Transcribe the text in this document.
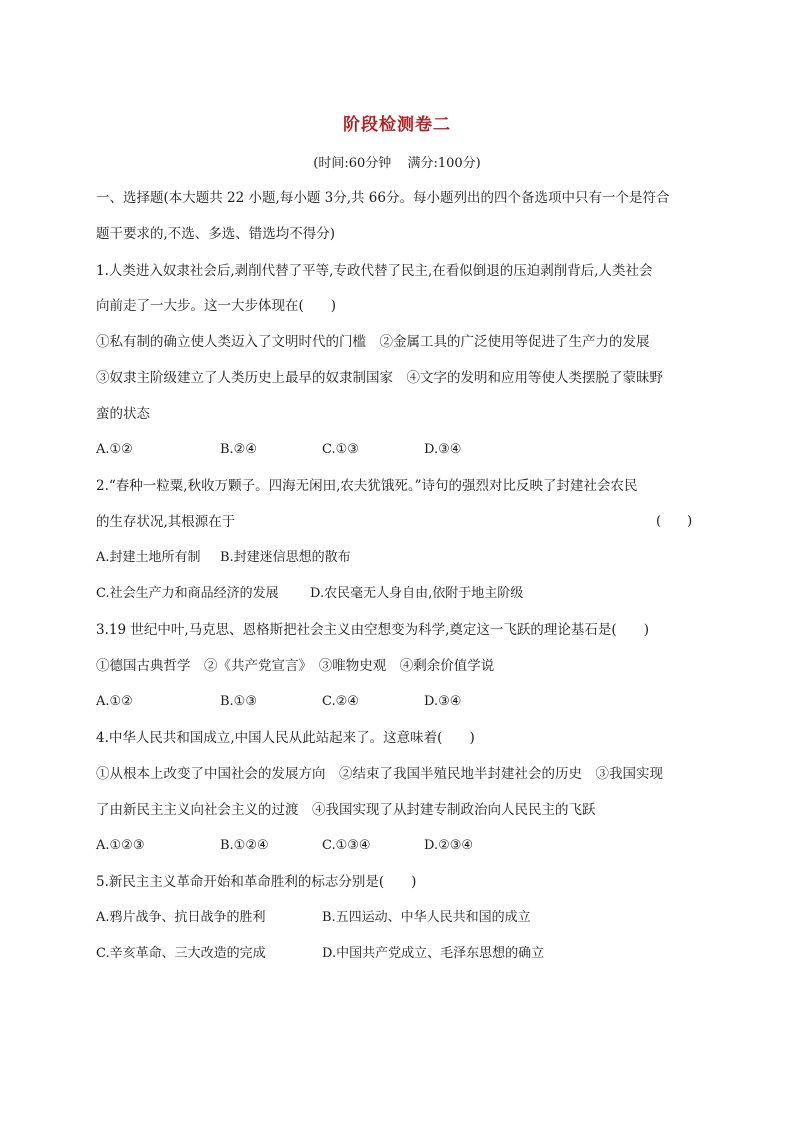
阶段检测卷二
(时间:60分钟 满分:100分)
一、选择题(本大题共 22 小题,每小题 3分,共 66分。每小题列出的四个备选项中只有一个是符合
题干要求的,不选、多选、错选均不得分)
1.人类进入奴隶社会后,剥削代替了平等,专政代替了民主,在看似倒退的压迫剥削背后,人类社会
向前走了一大步。这一大步体现在(　　)
①私有制的确立使人类迈入了文明时代的门槛　②金属工具的广泛使用等促进了生产力的发展
③奴隶主阶级建立了人类历史上最早的奴隶制国家　④文字的发明和应用等使人类摆脱了蒙昧野
蛮的状态
A.①②	B.②④	C.①③	D.③④
2.“春种一粒粟,秋收万颗子。四海无闲田,农夫犹饿死。”诗句的强烈对比反映了封建社会农民
的生存状况,其根源在于	(　　)
A.封建土地所有制 B.封建迷信思想的散布
C.社会生产力和商品经济的发展 D.农民毫无人身自由,依附于地主阶级
3.19 世纪中叶,马克思、恩格斯把社会主义由空想变为科学,奠定这一飞跃的理论基石是(　　)
①德国古典哲学　②《共产党宣言》　③唯物史观　④剩余价值学说
A.①②	B.①③	C.②④	D.③④
4.中华人民共和国成立,中国人民从此站起来了。这意味着(　　)
①从根本上改变了中国社会的发展方向　②结束了我国半殖民地半封建社会的历史　③我国实现
了由新民主主义向社会主义的过渡　④我国实现了从封建专制政治向人民民主的飞跃
A.①②③	B.①②④	C.①③④	D.②③④
5.新民主主义革命开始和革命胜利的标志分别是(　　)
A.鸦片战争、抗日战争的胜利	B.五四运动、中华人民共和国的成立
C.辛亥革命、三大改造的完成	D.中国共产党成立、毛泽东思想的确立
